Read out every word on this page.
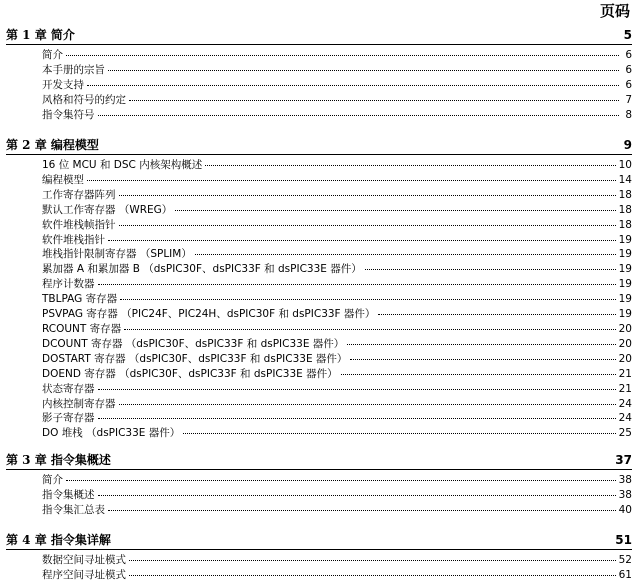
页码
第 1 章 简介	5
简介	6
本手册的宗旨	6
开发支持	6
风格和符号的约定	7
指令集符号	8
第 2 章 编程模型	9
16 位 MCU 和 DSC 内核架构概述	10
编程模型	14
工作寄存器阵列	18
默认工作寄存器 （WREG）	18
软件堆栈帧指针	18
软件堆栈指针	19
堆栈指针限制寄存器 （SPLIM）	19
累加器 A 和累加器 B （dsPIC30F、dsPIC33F 和 dsPIC33E 器件）	19
程序计数器	19
TBLPAG 寄存器	19
PSVPAG 寄存器 （PIC24F、PIC24H、dsPIC30F 和 dsPIC33F 器件）	19
RCOUNT 寄存器	20
DCOUNT 寄存器 （dsPIC30F、dsPIC33F 和 dsPIC33E 器件）	20
DOSTART 寄存器 （dsPIC30F、dsPIC33F 和 dsPIC33E 器件）	20
DOEND 寄存器 （dsPIC30F、dsPIC33F 和 dsPIC33E 器件）	21
状态寄存器	21
内核控制寄存器	24
影子寄存器	24
DO 堆栈 （dsPIC33E 器件）	25
第 3 章 指令集概述	37
简介	38
指令集概述	38
指令集汇总表	40
第 4 章 指令集详解	51
数据空间寻址模式	52
程序空间寻址模式	61
